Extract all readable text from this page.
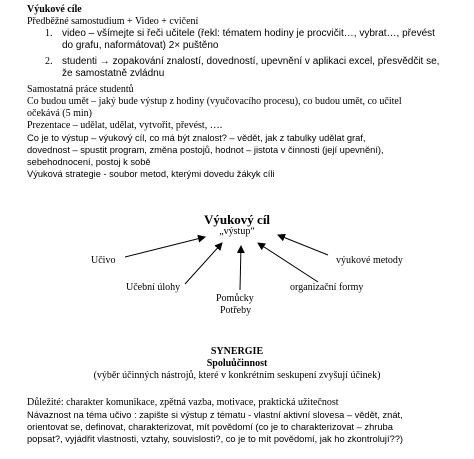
Výukové cíle
Předběžné samostudium + Video + cvičení
1. video – všímejte si řeči učitele (řekl: tématem hodiny je procvičit…, vybrat…, převést
do grafu, naformátovat) 2× puštěno
2. studenti → zopakování znalostí, dovedností, upevnění v aplikaci excel, přesvědčit se,
že samostatně zvládnu
Samostatná práce studentů
Co budou umět – jaký bude výstup z hodiny (vyučovacího procesu), co budou umět, co učitel
očekává (5 min)
Prezentace – udělat, udělat, vytvořit, převést, ….
Co je to výstup – výukový cíl, co má být znalost? – vědět, jak z tabulky udělat graf,
dovednost – spustit program, změna postojů, hodnot – jistota v činnosti (její upevnění),
sebehodnocení, postoj k sobě
Výuková strategie - soubor metod, kterými dovedu žákyk cíli
Výukový cíl
„výstup“
Učivo	výukové metody
Učební úlohy	organizační formy
Pomůcky
Potřeby
SYNERGIE
Spoluůčinnost
(výběr účinných nástrojů, které v konkrétním seskupení zvyšují účinek)
Důležité: charakter komunikace, zpětná vazba, motivace, praktická užitečnost
Návaznost na téma učivo : zapište si výstup z tématu - vlastní aktivní slovesa – vědět, znát,
orientovat se, definovat, charakterizovat, mít povědomí (co je to charakterizovat – zhruba
popsat?, vyjádřit vlastnosti, vztahy, souvislosti?, co je to mít povědomí, jak ho zkontrolují??)
